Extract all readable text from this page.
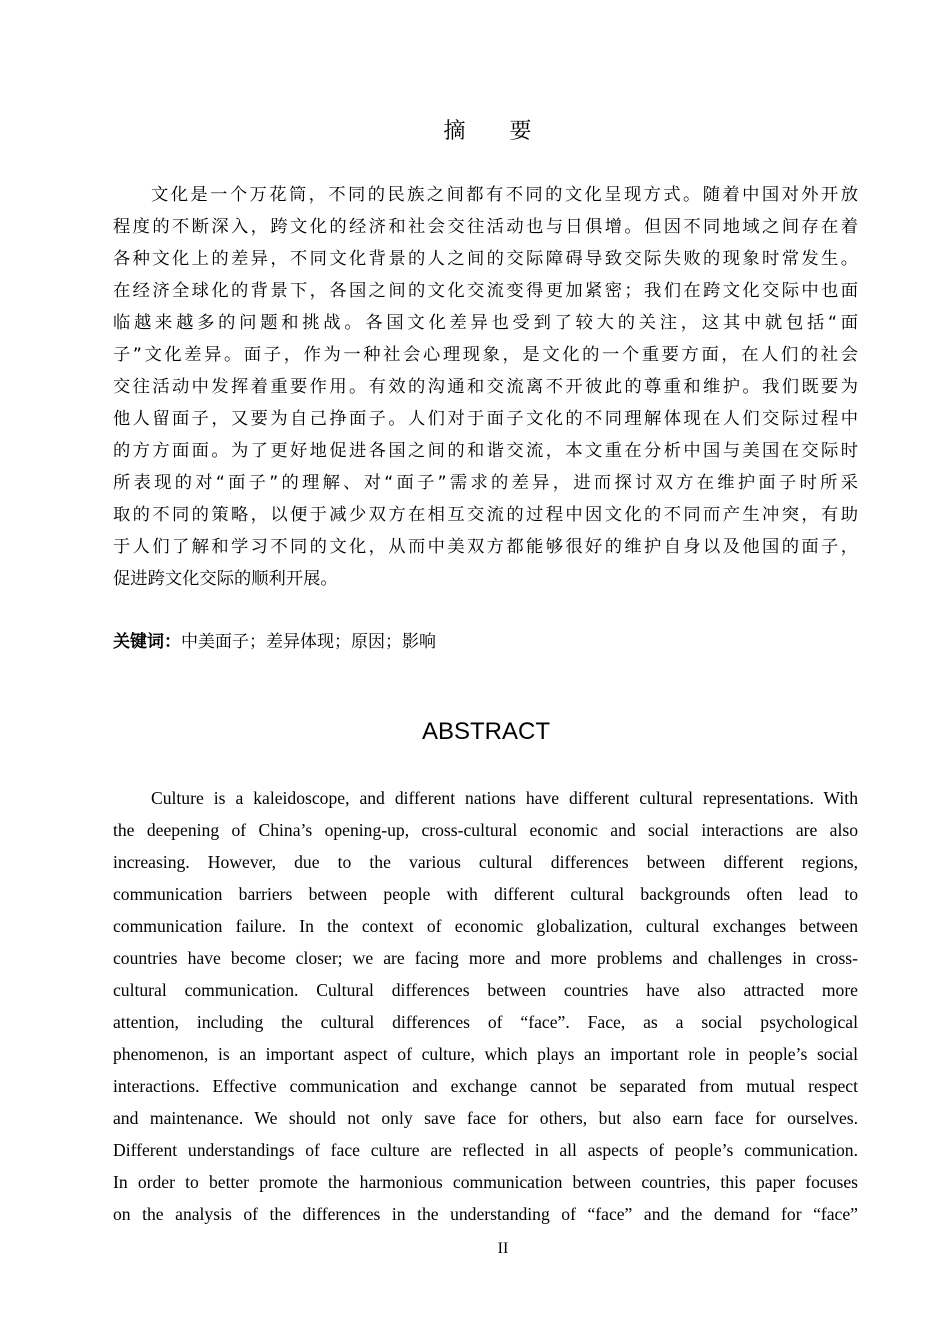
摘 要
文化是一个万花筒，不同的民族之间都有不同的文化呈现方式。随着中国对外开放
程度的不断深入，跨文化的经济和社会交往活动也与日俱增。但因不同地域之间存在着
各种文化上的差异，不同文化背景的人之间的交际障碍导致交际失败的现象时常发生。
在经济全球化的背景下，各国之间的文化交流变得更加紧密；我们在跨文化交际中也面
临越来越多的问题和挑战。各国文化差异也受到了较大的关注，这其中就包括“面
子”文化差异。面子，作为一种社会心理现象，是文化的一个重要方面，在人们的社会
交往活动中发挥着重要作用。有效的沟通和交流离不开彼此的尊重和维护。我们既要为
他人留面子，又要为自己挣面子。人们对于面子文化的不同理解体现在人们交际过程中
的方方面面。为了更好地促进各国之间的和谐交流，本文重在分析中国与美国在交际时
所表现的对“面子”的理解、对“面子”需求的差异，进而探讨双方在维护面子时所采
取的不同的策略，以便于减少双方在相互交流的过程中因文化的不同而产生冲突，有助
于人们了解和学习不同的文化，从而中美双方都能够很好的维护自身以及他国的面子，
促进跨文化交际的顺利开展。
关键词：中美面子；差异体现；原因；影响
ABSTRACT
Culture is a kaleidoscope, and different nations have different cultural representations. With
the deepening of China’s opening-up, cross-cultural economic and social interactions are also
increasing. However, due to the various cultural differences between different regions,
communication barriers between people with different cultural backgrounds often lead to
communication failure. In the context of economic globalization, cultural exchanges between
countries have become closer; we are facing more and more problems and challenges in cross-
cultural communication. Cultural differences between countries have also attracted more
attention, including the cultural differences of “face”. Face, as a social psychological
phenomenon, is an important aspect of culture, which plays an important role in people’s social
interactions. Effective communication and exchange cannot be separated from mutual respect
and maintenance. We should not only save face for others, but also earn face for ourselves.
Different understandings of face culture are reflected in all aspects of people’s communication.
In order to better promote the harmonious communication between countries, this paper focuses
on the analysis of the differences in the understanding of “face” and the demand for “face”
II
